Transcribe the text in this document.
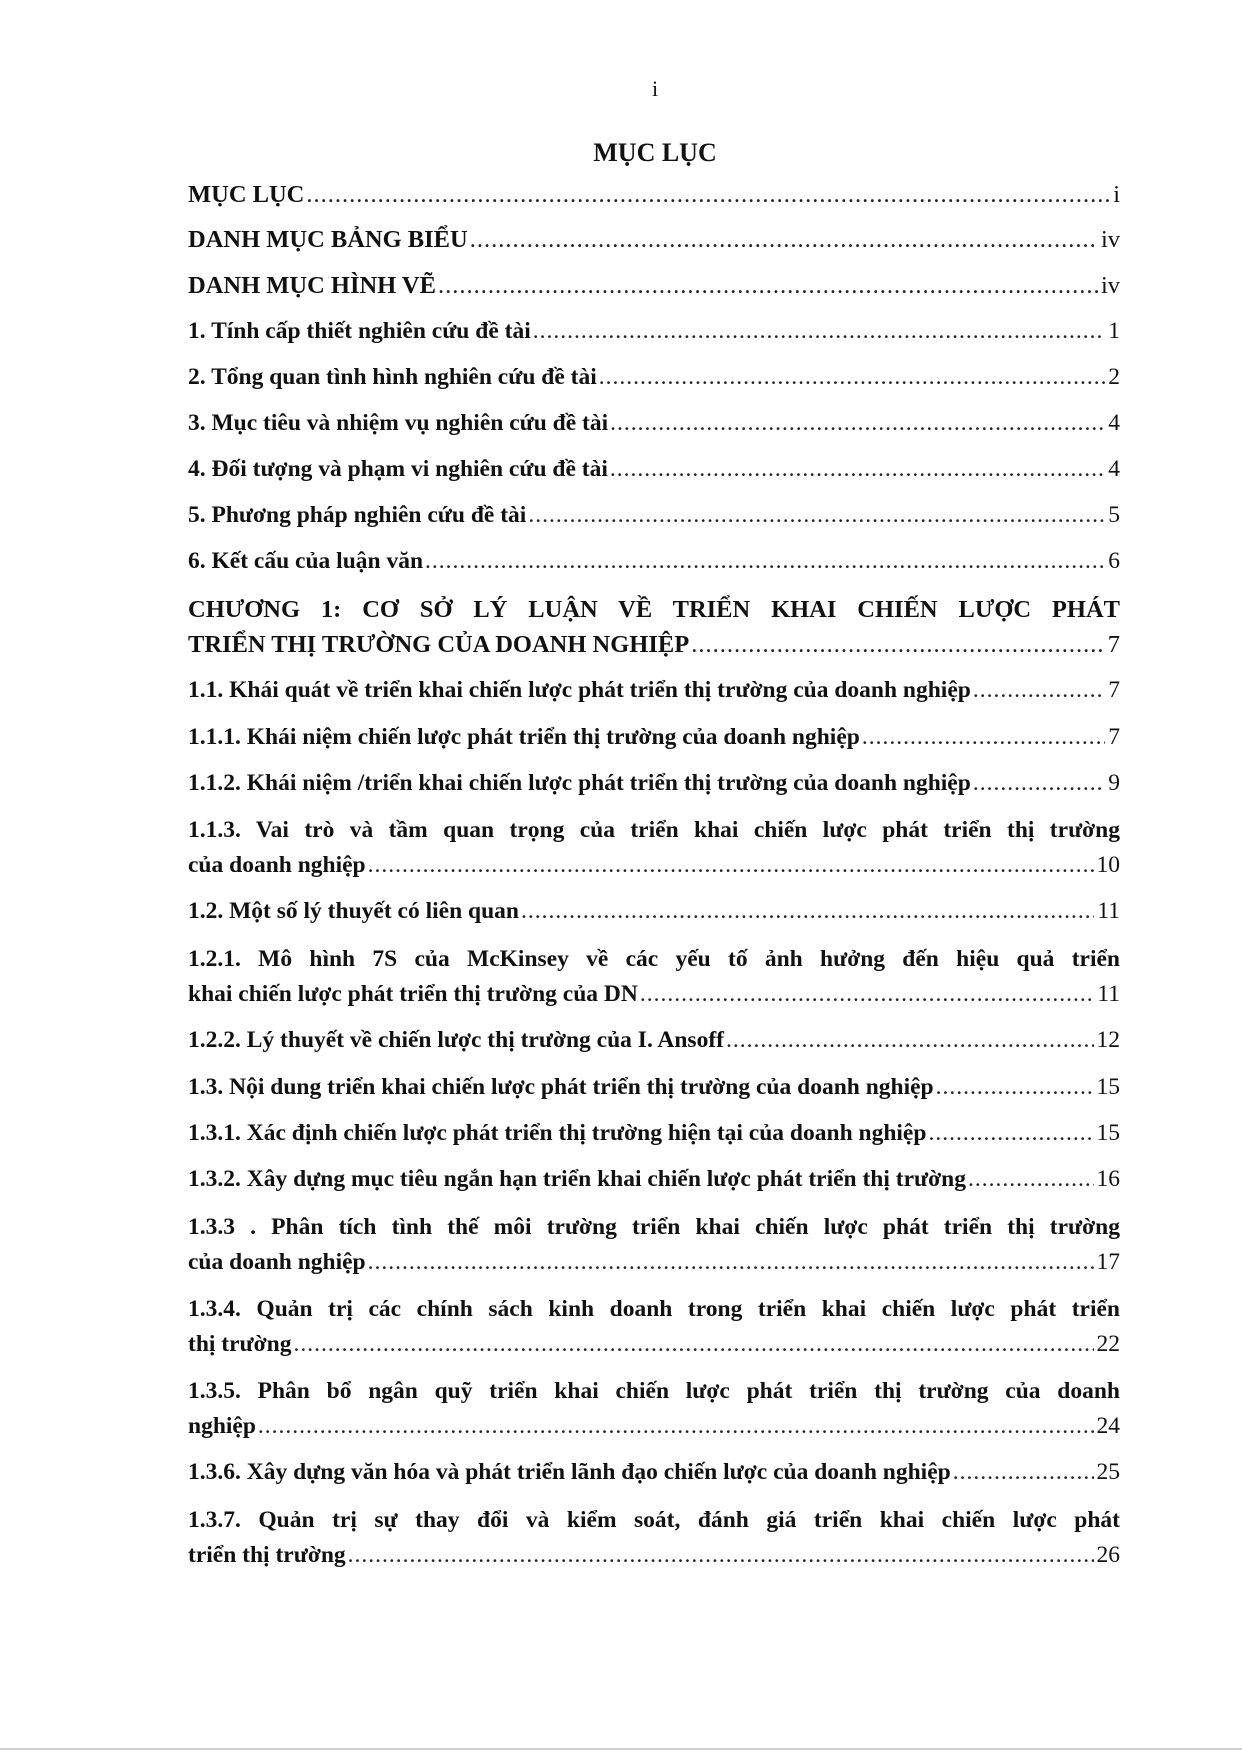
i
MỤC LỤC
MỤC LỤC .....	i
DANH MỤC BẢNG BIỂU .....	iv
DANH MỤC HÌNH VẼ .....	iv
1. Tính cấp thiết nghiên cứu đề tài .....	1
2. Tổng quan tình hình nghiên cứu đề tài .....	2
3. Mục tiêu và nhiệm vụ nghiên cứu đề tài .....	4
4. Đối tượng và phạm vi nghiên cứu đề tài .....	4
5. Phương pháp nghiên cứu đề tài .....	5
6. Kết cấu của luận văn .....	6
CHƯƠNG 1: CƠ SỞ LÝ LUẬN VỀ TRIỂN KHAI CHIẾN LƯỢC PHÁT
TRIỂN THỊ TRƯỜNG CỦA DOANH NGHIỆP .....	7
1.1. Khái quát về triển khai chiến lược phát triển thị trường của doanh nghiệp .....	7
1.1.1. Khái niệm chiến lược phát triển thị trường của doanh nghiệp .....	7
1.1.2. Khái niệm /triển khai chiến lược phát triển thị trường của doanh nghiệp .....	9
1.1.3. Vai trò và tầm quan trọng của triển khai chiến lược phát triển thị trường
của doanh nghiệp .....	10
1.2. Một số lý thuyết có liên quan .....	11
1.2.1. Mô hình 7S của McKinsey về các yếu tố ảnh hưởng đến hiệu quả triển
khai chiến lược phát triển thị trường của DN .....	11
1.2.2. Lý thuyết về chiến lược thị trường của I. Ansoff .....	12
1.3. Nội dung triển khai chiến lược phát triển thị trường của doanh nghiệp .....	15
1.3.1. Xác định chiến lược phát triển thị trường hiện tại của doanh nghiệp .....	15
1.3.2. Xây dựng mục tiêu ngắn hạn triển khai chiến lược phát triển thị trường .....	16
1.3.3 . Phân tích tình thế môi trường triển khai chiến lược phát triển thị trường
của doanh nghiệp .....	17
1.3.4. Quản trị các chính sách kinh doanh trong triển khai chiến lược phát triển
thị trường .....	22
1.3.5. Phân bổ ngân quỹ triển khai chiến lược phát triển thị trường của doanh
nghiệp .....	24
1.3.6. Xây dựng văn hóa và phát triển lãnh đạo chiến lược của doanh nghiệp .....	25
1.3.7. Quản trị sự thay đổi và kiểm soát, đánh giá triển khai chiến lược phát
triển thị trường .....	26
